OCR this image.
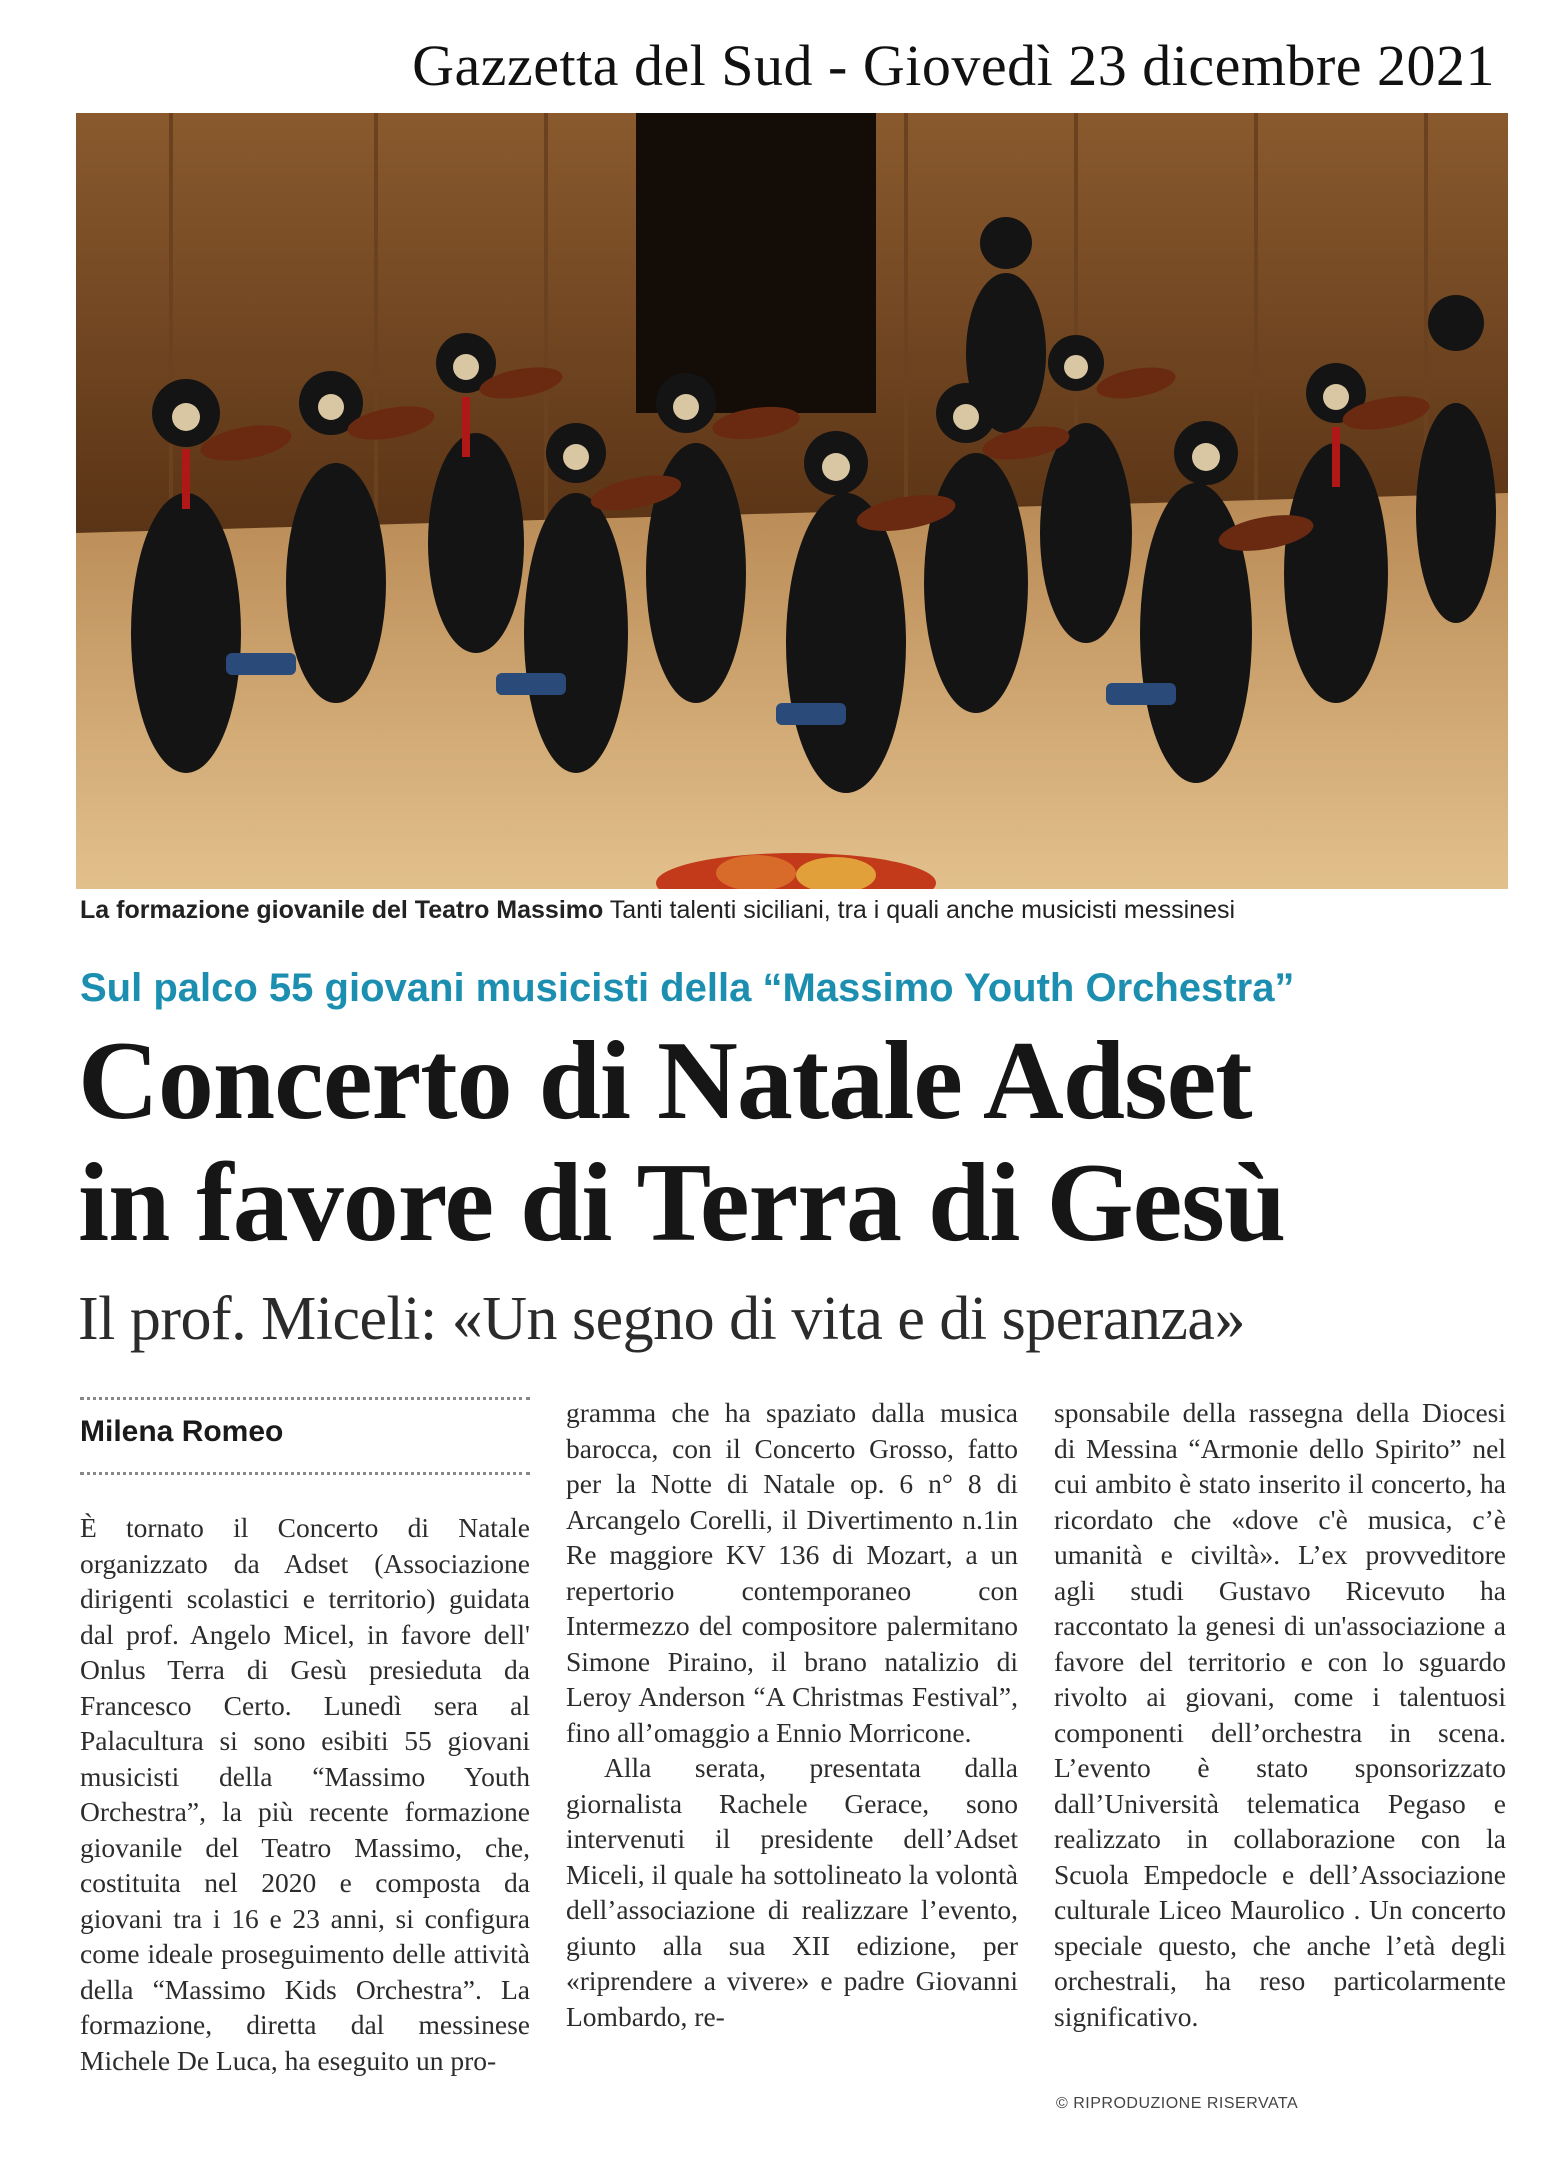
Gazzetta del Sud - Giovedì 23 dicembre 2021
La formazione giovanile del Teatro Massimo Tanti talenti siciliani, tra i quali anche musicisti messinesi
Sul palco 55 giovani musicisti della “Massimo Youth Orchestra”
Concerto di Natale Adset
in favore di Terra di Gesù
Il prof. Miceli: «Un segno di vita e di speranza»
Milena Romeo

È tornato il Concerto di Natale organizzato da Adset (Associazione dirigenti scolastici e territorio) guidata dal prof. Angelo Micel, in favore dell' Onlus Terra di Gesù presieduta da Francesco Certo. Lunedì sera al Palacultura si sono esibiti 55 giovani musicisti della “Massimo Youth Orchestra”, la più recente formazione giovanile del Teatro Massimo, che, costituita nel 2020 e composta da giovani tra i 16 e 23 anni, si configura come ideale proseguimento delle attività della “Massimo Kids Orchestra”. La formazione, diretta dal messinese Michele De Luca, ha eseguito un pro-

gramma che ha spaziato dalla musica barocca, con il Concerto Grosso, fatto per la Notte di Natale op. 6 n° 8 di Arcangelo Corelli, il Divertimento n.1in Re maggiore KV 136 di Mozart, a un repertorio contemporaneo con Intermezzo del compositore palermitano Simone Piraino, il brano natalizio di Leroy Anderson “A Christmas Festival”, fino all’omaggio a Ennio Morricone.

Alla serata, presentata dalla giornalista Rachele Gerace, sono intervenuti il presidente dell’Adset Miceli, il quale ha sottolineato la volontà dell’associazione di realizzare l’evento, giunto alla sua XII edizione, per «riprendere a vivere» e padre Giovanni Lombardo, re-

sponsabile della rassegna della Diocesi di Messina “Armonie dello Spirito” nel cui ambito è stato inserito il concerto, ha ricordato che «dove c'è musica, c’è umanità e civiltà». L’ex provveditore agli studi Gustavo Ricevuto ha raccontato la genesi di un'associazione a favore del territorio e con lo sguardo rivolto ai giovani, come i talentuosi componenti dell’orchestra in scena. L’evento è stato sponsorizzato dall’Università telematica Pegaso e realizzato in collaborazione con la Scuola Empedocle e dell’Associazione culturale Liceo Maurolico . Un concerto speciale questo, che anche l’età degli orchestrali, ha reso particolarmente significativo.

© RIPRODUZIONE RISERVATA
